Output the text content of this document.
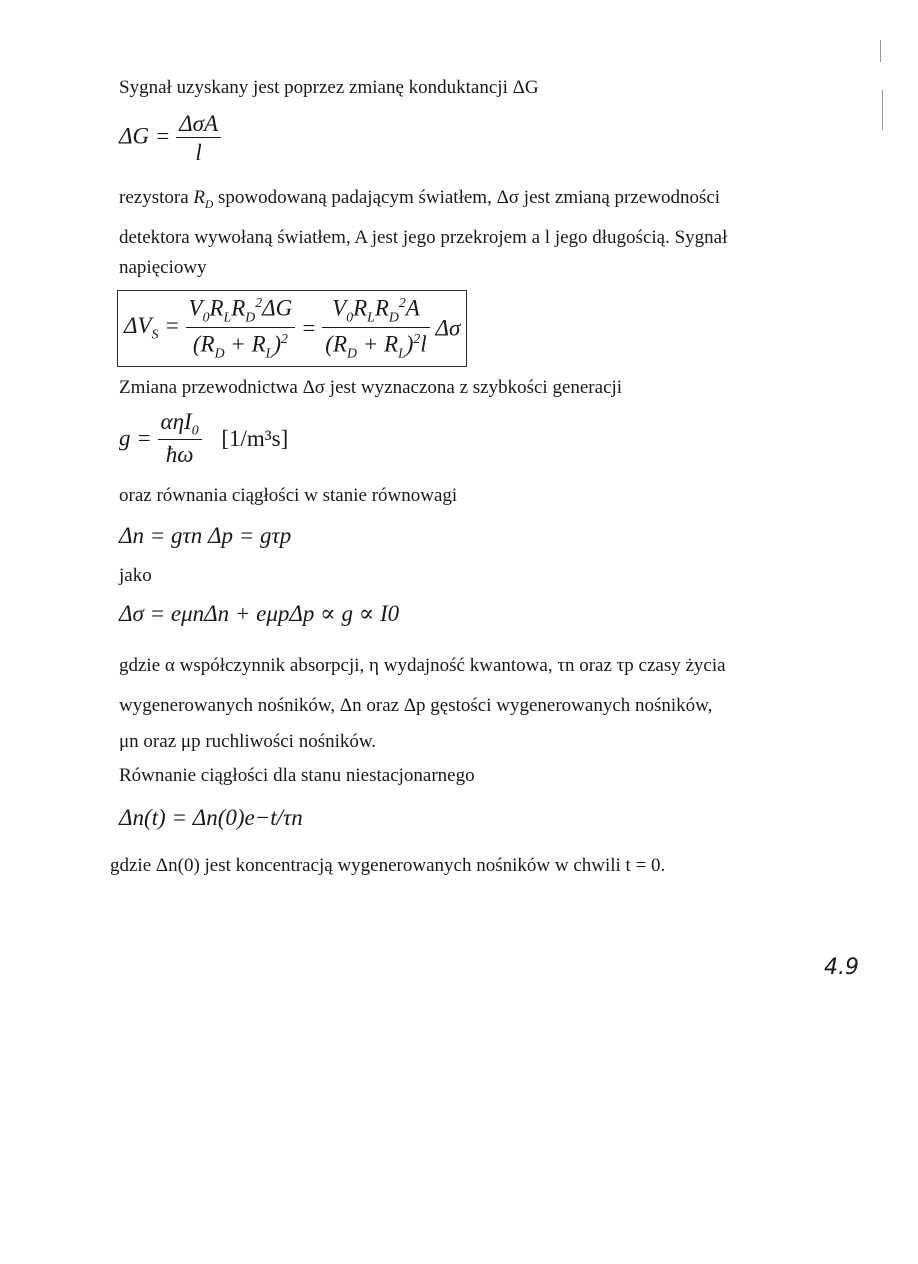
Sygnał uzyskany jest poprzez zmianę konduktancji ΔG
$\Delta G = \frac{\text{ΔσA}}{l}$
rezystora $R_D$ spowodowaną padającym światłem, Δσ jest zmianą przewodności
detektora wywołaną światłem, A jest jego przekrojem a l jego długością. Sygnał
napięciowy
$\Delta V_S = \frac{V_0R_LR_D^2\Delta G}{(R_D + R_L)^2} = \frac{V_0R_LR_D^2A}{(R_D + R_L)^2l}$ Δσ
Zmiana przewodnictwa Δσ jest wyznaczona z szybkości generacji
$g = \frac{\alpha\eta I_0}{ħ\omega} [1/m^3s]$
oraz równania ciągłości w stanie równowagi
Δn = gτn Δp = gτp
jako
Δσ = eμnΔn + eμpΔp ∝ g ∝ I0
gdzie α współczynnik absorpcji, η wydajność kwantowa, τn oraz τp czasy życia
wygenerowanych nośników, Δn oraz Δp gęstości wygenerowanych nośników,
μn oraz μp ruchliwości nośników.
Równanie ciągłości dla stanu niestacjonarnego
Δn(t) = Δn(0)e−t/τn
gdzie Δn(0) jest koncentracją wygenerowanych nośników w chwili t = 0.
4.9
